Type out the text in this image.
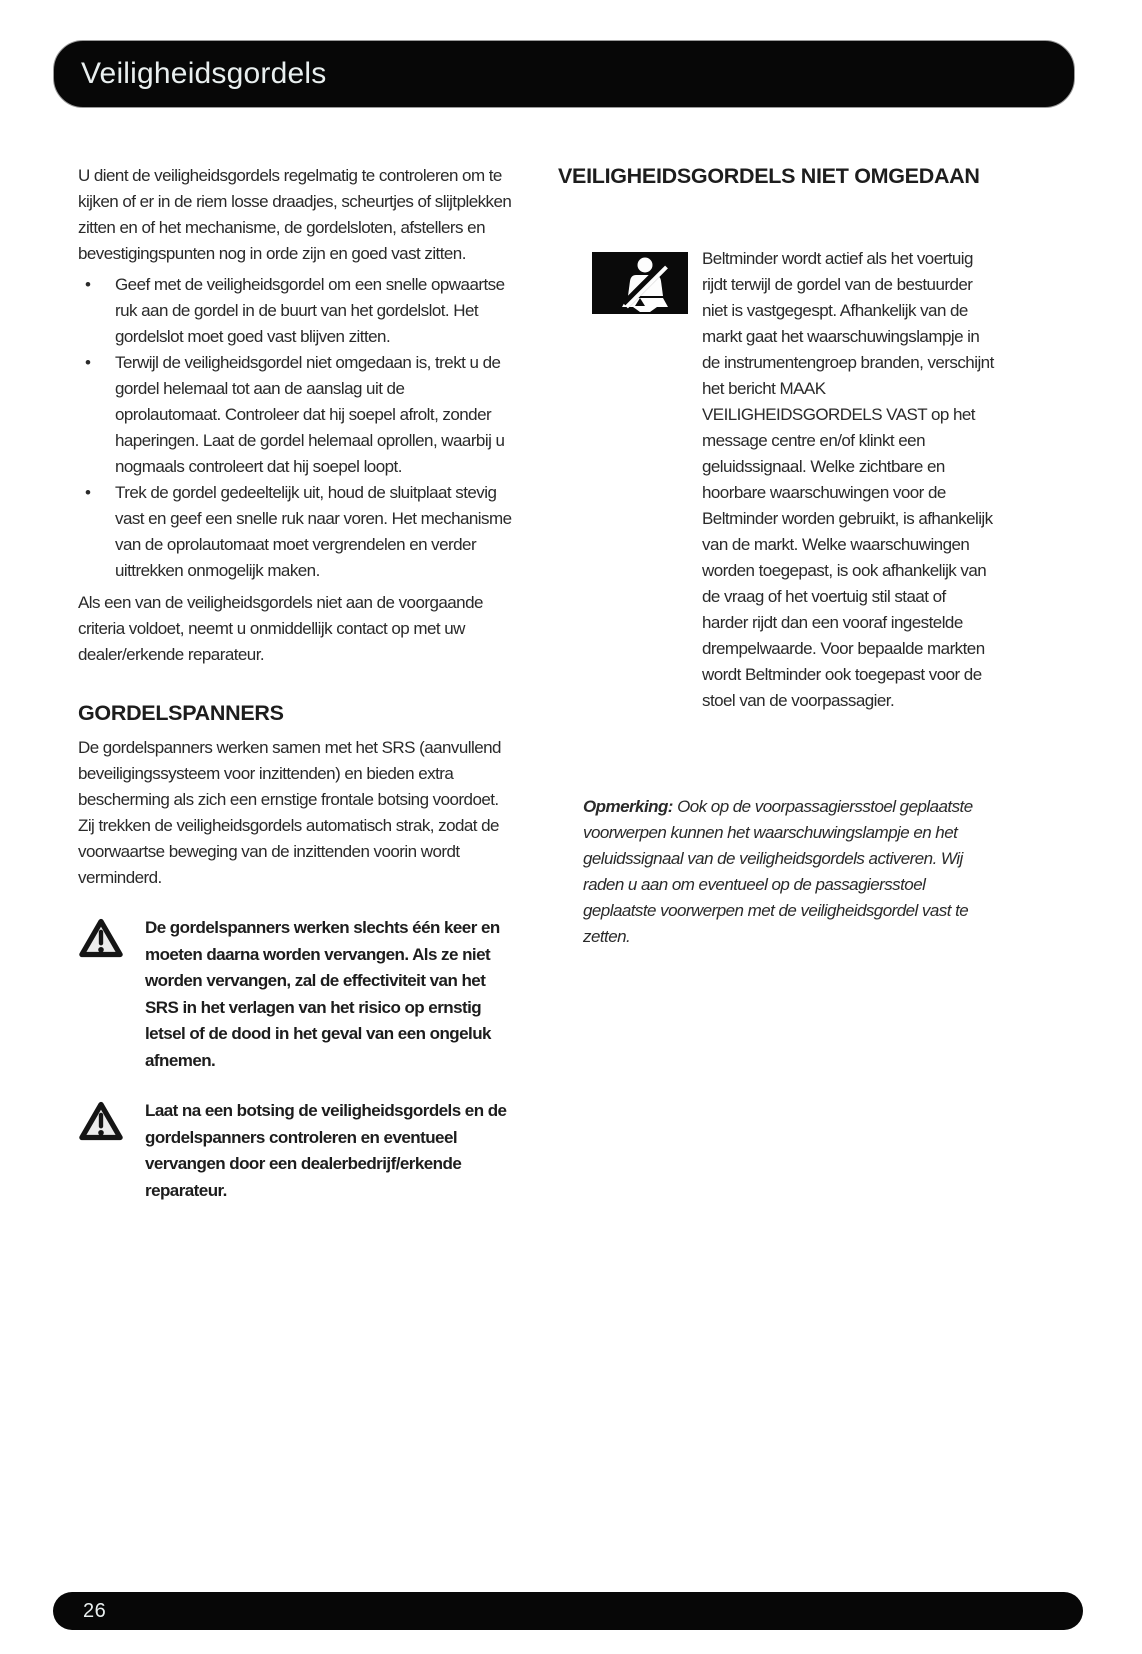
Veiligheidsgordels

U dient de veiligheidsgordels regelmatig te controleren om te kijken of er in de riem losse draadjes, scheurtjes of slijtplekken zitten en of het mechanisme, de gordelsloten, afstellers en bevestigingspunten nog in orde zijn en goed vast zitten.

• Geef met de veiligheidsgordel om een snelle opwaartse ruk aan de gordel in de buurt van het gordelslot. Het gordelslot moet goed vast blijven zitten.
• Terwijl de veiligheidsgordel niet omgedaan is, trekt u de gordel helemaal tot aan de aanslag uit de oprolautomaat. Controleer dat hij soepel afrolt, zonder haperingen. Laat de gordel helemaal oprollen, waarbij u nogmaals controleert dat hij soepel loopt.
• Trek de gordel gedeeltelijk uit, houd de sluitplaat stevig vast en geef een snelle ruk naar voren. Het mechanisme van de oprolautomaat moet vergrendelen en verder uittrekken onmogelijk maken.

Als een van de veiligheidsgordels niet aan de voorgaande criteria voldoet, neemt u onmiddellijk contact op met uw dealer/erkende reparateur.

GORDELSPANNERS

De gordelspanners werken samen met het SRS (aanvullend beveiligingssysteem voor inzittenden) en bieden extra bescherming als zich een ernstige frontale botsing voordoet. Zij trekken de veiligheidsgordels automatisch strak, zodat de voorwaartse beweging van de inzittenden voorin wordt verminderd.

De gordelspanners werken slechts één keer en moeten daarna worden vervangen. Als ze niet worden vervangen, zal de effectiviteit van het SRS in het verlagen van het risico op ernstig letsel of de dood in het geval van een ongeluk afnemen.

Laat na een botsing de veiligheidsgordels en de gordelspanners controleren en eventueel vervangen door een dealerbedrijf/erkende reparateur.

VEILIGHEIDSGORDELS NIET OMGEDAAN

Beltminder wordt actief als het voertuig rijdt terwijl de gordel van de bestuurder niet is vastgegespt. Afhankelijk van de markt gaat het waarschuwingslampje in de instrumentengroep branden, verschijnt het bericht MAAK VEILIGHEIDSGORDELS VAST op het message centre en/of klinkt een geluidssignaal. Welke zichtbare en hoorbare waarschuwingen voor de Beltminder worden gebruikt, is afhankelijk van de markt. Welke waarschuwingen worden toegepast, is ook afhankelijk van de vraag of het voertuig stil staat of harder rijdt dan een vooraf ingestelde drempelwaarde. Voor bepaalde markten wordt Beltminder ook toegepast voor de stoel van de voorpassagier.

Opmerking: Ook op de voorpassagiersstoel geplaatste voorwerpen kunnen het waarschuwingslampje en het geluidssignaal van de veiligheidsgordels activeren. Wij raden u aan om eventueel op de passagiersstoel geplaatste voorwerpen met de veiligheidsgordel vast te zetten.

26
